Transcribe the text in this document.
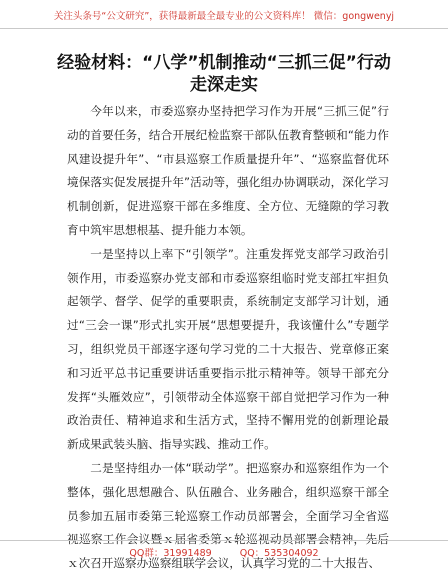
关注头条号“公文研究”，获得最新最全最专业的公文资料库！ 微信：gongwenyj
经验材料：“八学”机制推动“三抓三促”行动走深走实

今年以来，市委巡察办坚持把学习作为开展“三抓三促”行动的首要任务，结合开展纪检监察干部队伍教育整顿和“能力作风建设提升年”、“市县巡察工作质量提升年”、“巡察监督优环境保落实促发展提升年”活动等，强化组办协调联动，深化学习机制创新，促进巡察干部在多维度、全方位、无缝隙的学习教育中筑牢思想根基、提升能力本领。

一是坚持以上率下“引领学”。注重发挥党支部学习政治引领作用，市委巡察办党支部和市委巡察组临时党支部扛牢担负起领学、督学、促学的重要职责，系统制定支部学习计划，通过“三会一课”形式扎实开展“思想要提升，我该懂什么”专题学习，组织党员干部逐字逐句学习党的二十大报告、党章修正案和习近平总书记重要讲话重要指示批示精神等。领导干部充分发挥“头雁效应”，引领带动全体巡察干部自觉把学习作为一种政治责任、精神追求和生活方式，坚持不懈用党的创新理论最新成果武装头脑、指导实践、推动工作。

二是坚持组办一体“联动学”。把巡察办和巡察组作为一个整体，强化思想融合、队伍融合、业务融合，组织巡察干部全员参加五届市委第三轮巡察工作动员部署会，全面学习全省巡视巡察工作会议暨ｘ届省委第ｘ轮巡视动员部署会精神，先后ｘ次召开巡察办巡察组联学会议，认真学习党的二十大报告、

QQ群：31991489	QQ：535304092
